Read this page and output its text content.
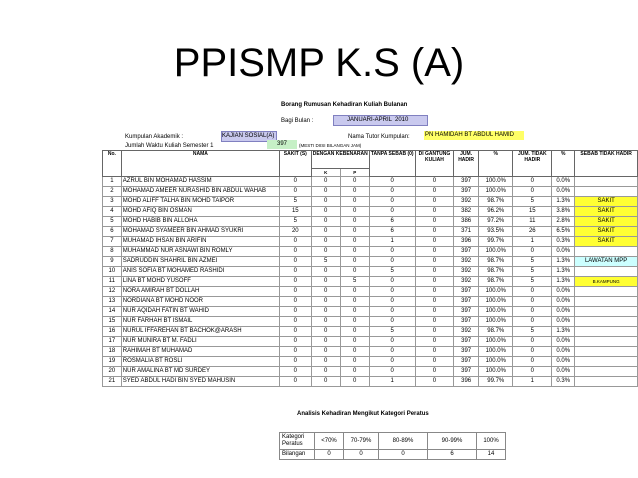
PPISMP K.S (A)
Borang Rumusan Kehadiran Kuliah Bulanan
Bagi Bulan :	JANUARI-APRIL 2010
Kumpulan Akademik :	KAJIAN SOSIAL(A)	Nama Tutor Kumpulan:	PN HAMIDAH BT ABDUL HAMID
Jumlah Waktu Kuliah Semester 1	397	(MESTI DIISI BILANGAN JAM)
No.	NAMA	SAKIT (S)	DENGAN KEBENARAN		TANPA SEBAB (0)	DI GANTUNG KULIAH	JUM. HADIR	%	JUM. TIDAK HADIR	%	SEBAB TIDAK HADIR
			K	P							
1	AZRUL BIN MOHAMAD HASSIM	0	0	0	0	0	397	100.0%	0	0.0%	
2	MOHAMAD AMEER NURASHID BIN ABDUL WAHAB	0	0	0	0	0	397	100.0%	0	0.0%	
3	MOHD ALIFF TALHA BIN MOHD TAIPOR	5	0	0	0	0	392	98.7%	5	1.3%	SAKIT
4	MOHD AFIQ BIN OSMAN	15	0	0	0	0	382	96.2%	15	3.8%	SAKIT
5	MOHD HABIB BIN ALLOHA	5	0	0	6	0	386	97.2%	11	2.8%	SAKIT
6	MOHAMAD SYAMEER BIN AHMAD SYUKRI	20	0	0	6	0	371	93.5%	26	6.5%	SAKIT
7	MUHAMAD IHSAN BIN ARIFIN	0	0	0	1	0	396	99.7%	1	0.3%	SAKIT
8	MUHAMMAD NUR ASNAWI BIN ROMLY	0	0	0	0	0	397	100.0%	0	0.0%	
9	SADRUDDIN SHAHRIL BIN AZMEI	0	5	0	0	0	392	98.7%	5	1.3%	LAWATAN MPP
10	ANIS SOFIA BT MOHAMED RASHIDI	0	0	0	5	0	392	98.7%	5	1.3%	
11	LINA BT MOHD YUSOFF	0	0	5	0	0	392	98.7%	5	1.3%	B.KAMPUNG
12	NORA AMIRAH BT DOLLAH	0	0	0	0	0	397	100.0%	0	0.0%	
13	NORDIANA BT MOHD NOOR	0	0	0	0	0	397	100.0%	0	0.0%	
14	NUR AQIDAH FATIN BT WAHID	0	0	0	0	0	397	100.0%	0	0.0%	
15	NUR FARHAH BT ISMAIL	0	0	0	0	0	397	100.0%	0	0.0%	
16	NURUL IFFAREHAN BT BACHOK@ARASH	0	0	0	5	0	392	98.7%	5	1.3%	
17	NUR MUNIRA BT M. FADLI	0	0	0	0	0	397	100.0%	0	0.0%	
18	RAHIMAH BT MUHAMAD	0	0	0	0	0	397	100.0%	0	0.0%	
19	ROSMALIA BT ROSLI	0	0	0	0	0	397	100.0%	0	0.0%	
20	NUR AMALINA BT MD SURDEY	0	0	0	0	0	397	100.0%	0	0.0%	
21	SYED ABDUL HADI BIN SYED MAHUSIN	0	0	0	1	0	396	99.7%	1	0.3%	
Analisis Kehadiran Mengikut Kategori Peratus
Kategori Peratus	<70%	70-79%	80-89%	90-99%	100%
Bilangan	0	0	0	6	14
